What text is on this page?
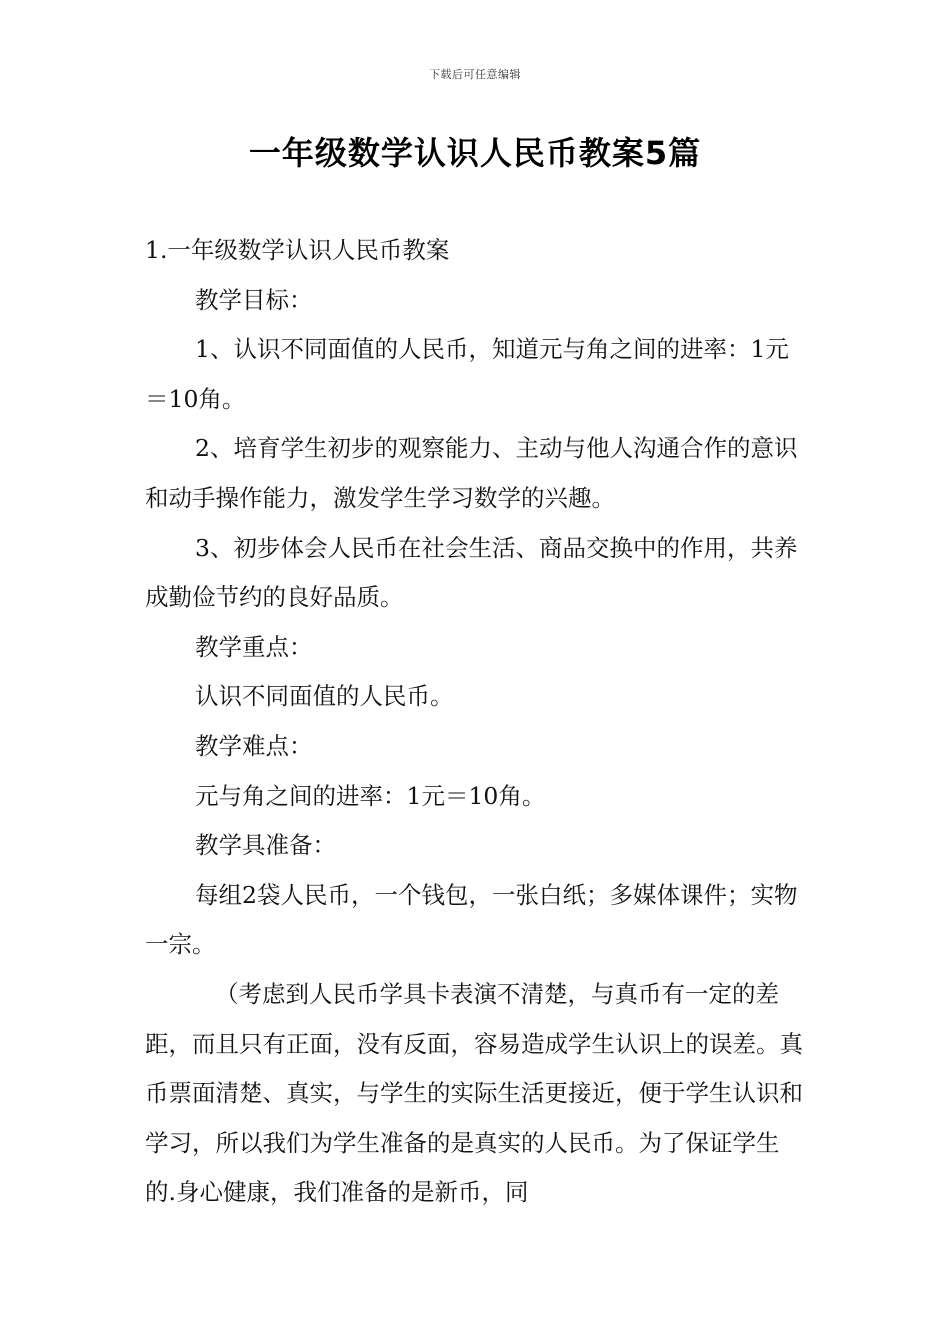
下载后可任意编辑
一年级数学认识人民币教案5篇

1.一年级数学认识人民币教案

教学目标：

1、认识不同面值的人民币，知道元与角之间的进率：1元＝10角。

2、培育学生初步的观察能力、主动与他人沟通合作的意识和动手操作能力，激发学生学习数学的兴趣。

3、初步体会人民币在社会生活、商品交换中的作用，共养成勤俭节约的良好品质。

教学重点：

认识不同面值的人民币。

教学难点：

元与角之间的进率：1元＝10角。

教学具准备：

每组2袋人民币，一个钱包，一张白纸；多媒体课件；实物一宗。

（考虑到人民币学具卡表演不清楚，与真币有一定的差距，而且只有正面，没有反面，容易造成学生认识上的误差。真币票面清楚、真实，与学生的实际生活更接近，便于学生认识和学习，所以我们为学生准备的是真实的人民币。为了保证学生的.身心健康，我们准备的是新币，同
